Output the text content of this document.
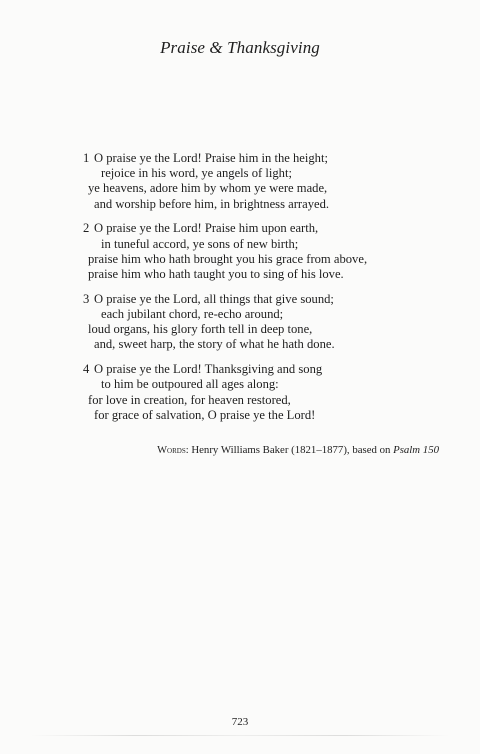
Praise & Thanksgiving
1 O praise ye the Lord! Praise him in the height;
rejoice in his word, ye angels of light;
ye heavens, adore him by whom ye were made,
and worship before him, in brightness arrayed.
2 O praise ye the Lord! Praise him upon earth,
in tuneful accord, ye sons of new birth;
praise him who hath brought you his grace from above,
praise him who hath taught you to sing of his love.
3 O praise ye the Lord, all things that give sound;
each jubilant chord, re-echo around;
loud organs, his glory forth tell in deep tone,
and, sweet harp, the story of what he hath done.
4 O praise ye the Lord! Thanksgiving and song
to him be outpoured all ages along:
for love in creation, for heaven restored,
for grace of salvation, O praise ye the Lord!
Words: Henry Williams Baker (1821–1877), based on Psalm 150
723
